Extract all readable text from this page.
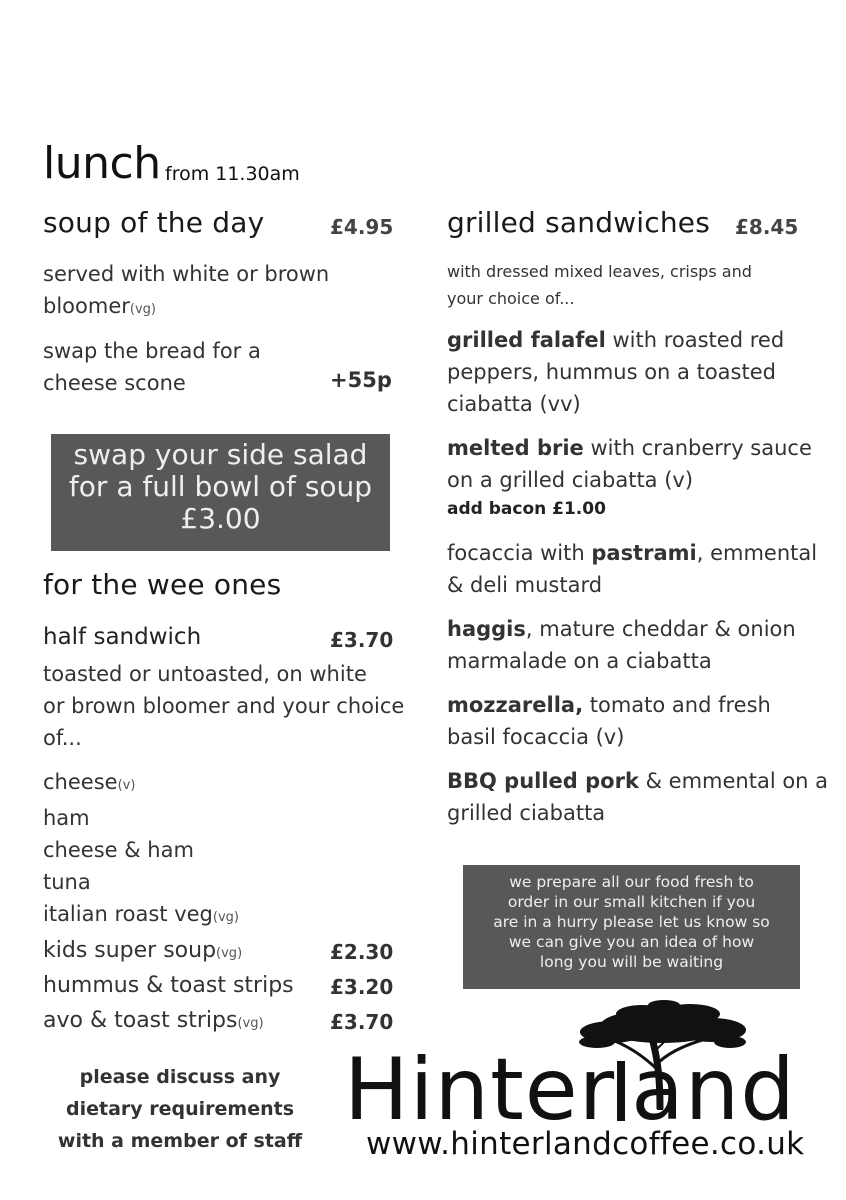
lunch from 11.30am
soup of the day	£4.95
served with white or brown
bloomer(vg)
swap the bread for a
cheese scone	+55p
swap your side salad
for a full bowl of soup
£3.00
for the wee ones
half sandwich	£3.70
toasted or untoasted, on white
or brown bloomer and your choice
of...
cheese(v)
ham
cheese & ham
tuna
italian roast veg(vg)
kids super soup(vg)	£2.30
hummus & toast strips £3.20
avo & toast strips(vg)	£3.70
please discuss any
dietary requirements
with a member of staff
grilled sandwiches £8.45
with dressed mixed leaves, crisps and
your choice of...
grilled falafel with roasted red
peppers, hummus on a toasted
ciabatta (vv)
melted brie with cranberry sauce
on a grilled ciabatta (v)
add bacon £1.00
focaccia with pastrami, emmental
& deli mustard
haggis, mature cheddar & onion
marmalade on a ciabatta
mozzarella, tomato and fresh
basil focaccia (v)
BBQ pulled pork & emmental on a
grilled ciabatta
we prepare all our food fresh to
order in our small kitchen if you
are in a hurry please let us know so
we can give you an idea of how
long you will be waiting
Hinter and
www.hinterlandcoffee.co.uk
